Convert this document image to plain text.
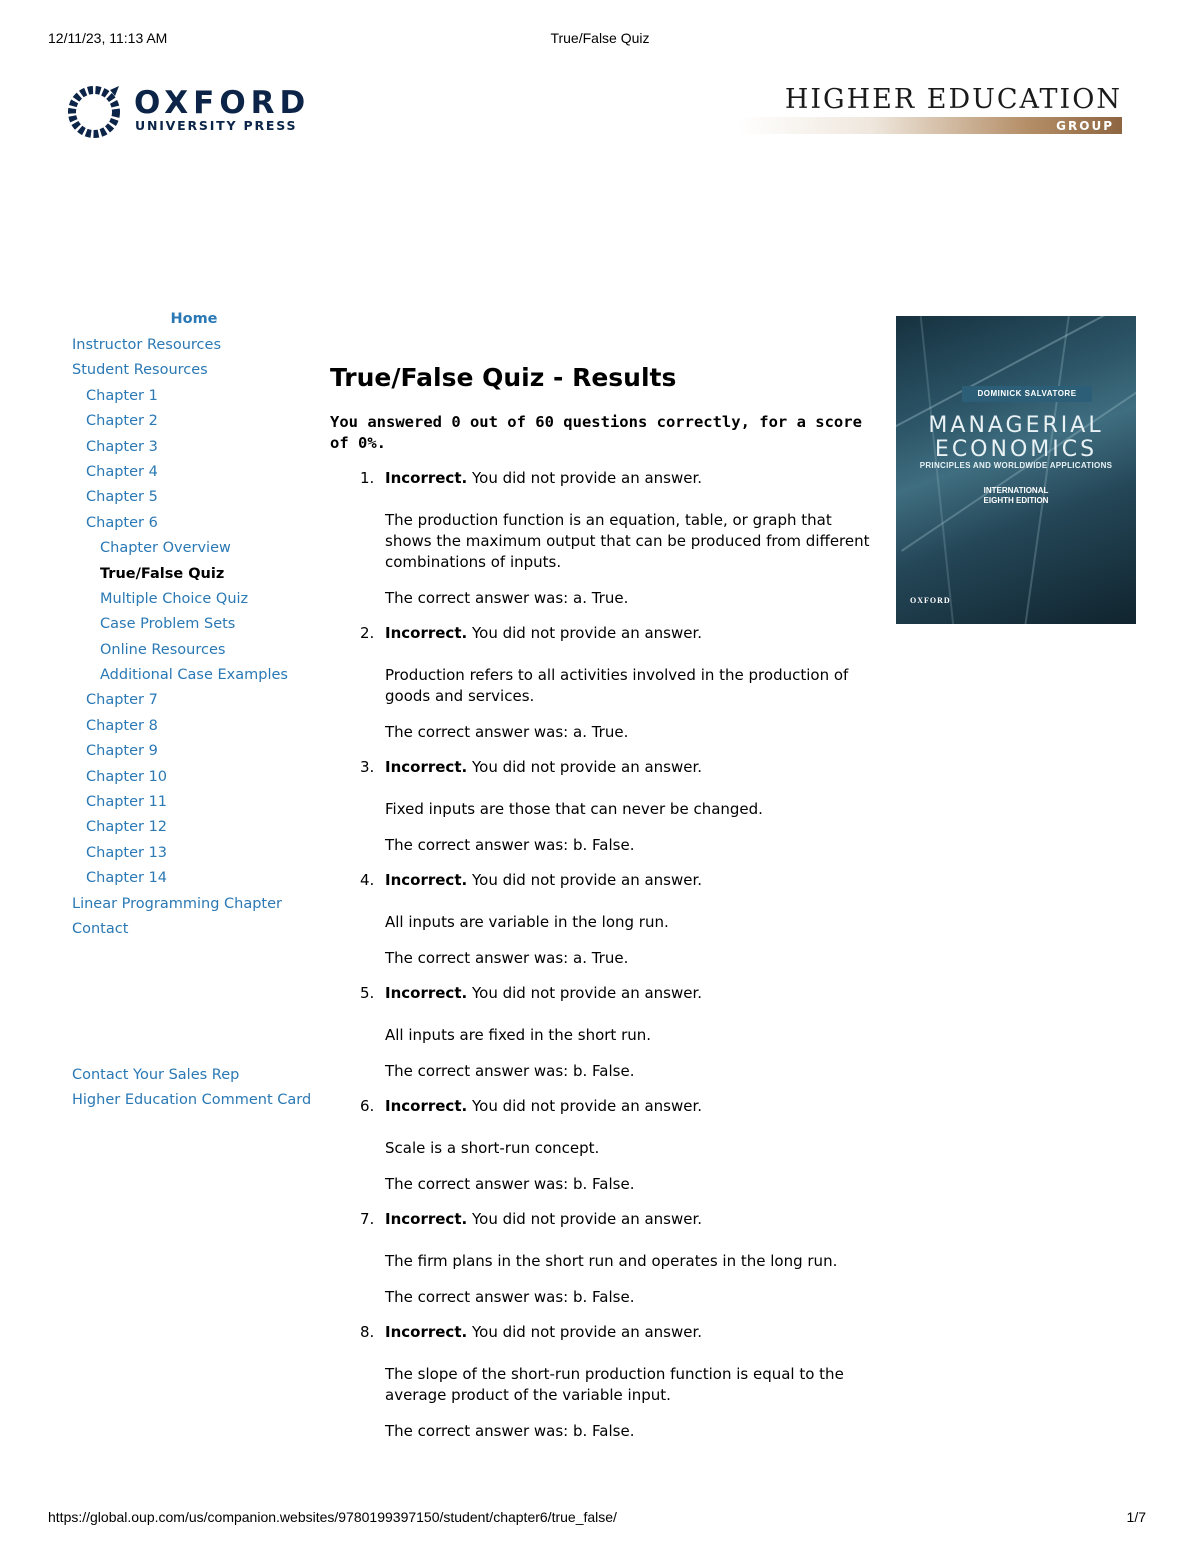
True/False Quiz
12/11/23, 11:13 AM
OXFORD
UNIVERSITY PRESS
HIGHER EDUCATION
GROUP
Home
Instructor Resources
Student Resources
Chapter 1
Chapter 2
Chapter 3
Chapter 4
Chapter 5
Chapter 6
Chapter Overview
True/False Quiz
Multiple Choice Quiz
Case Problem Sets
Online Resources
Additional Case Examples
Chapter 7
Chapter 8
Chapter 9
Chapter 10
Chapter 11
Chapter 12
Chapter 13
Chapter 14
Linear Programming Chapter
Contact
Contact Your Sales Rep
Higher Education Comment Card
True/False Quiz - Results

You answered 0 out of 60 questions correctly, for a score of 0%.

1. Incorrect. You did not provide an answer.
The production function is an equation, table, or graph that shows the maximum output that can be produced from different combinations of inputs.
The correct answer was: a. True.
2. Incorrect. You did not provide an answer.
Production refers to all activities involved in the production of goods and services.
The correct answer was: a. True.
3. Incorrect. You did not provide an answer.
Fixed inputs are those that can never be changed.
The correct answer was: b. False.
4. Incorrect. You did not provide an answer.
All inputs are variable in the long run.
The correct answer was: a. True.
5. Incorrect. You did not provide an answer.
All inputs are fixed in the short run.
The correct answer was: b. False.
6. Incorrect. You did not provide an answer.
Scale is a short-run concept.
The correct answer was: b. False.
7. Incorrect. You did not provide an answer.
The firm plans in the short run and operates in the long run.
The correct answer was: b. False.
8. Incorrect. You did not provide an answer.
The slope of the short-run production function is equal to the average product of the variable input.
The correct answer was: b. False.
DOMINICK SALVATORE
MANAGERIAL
ECONOMICS
PRINCIPLES AND WORLDWIDE APPLICATIONS
INTERNATIONAL
EIGHTH EDITION
OXFORD
https://global.oup.com/us/companion.websites/9780199397150/student/chapter6/true_false/	1/7
